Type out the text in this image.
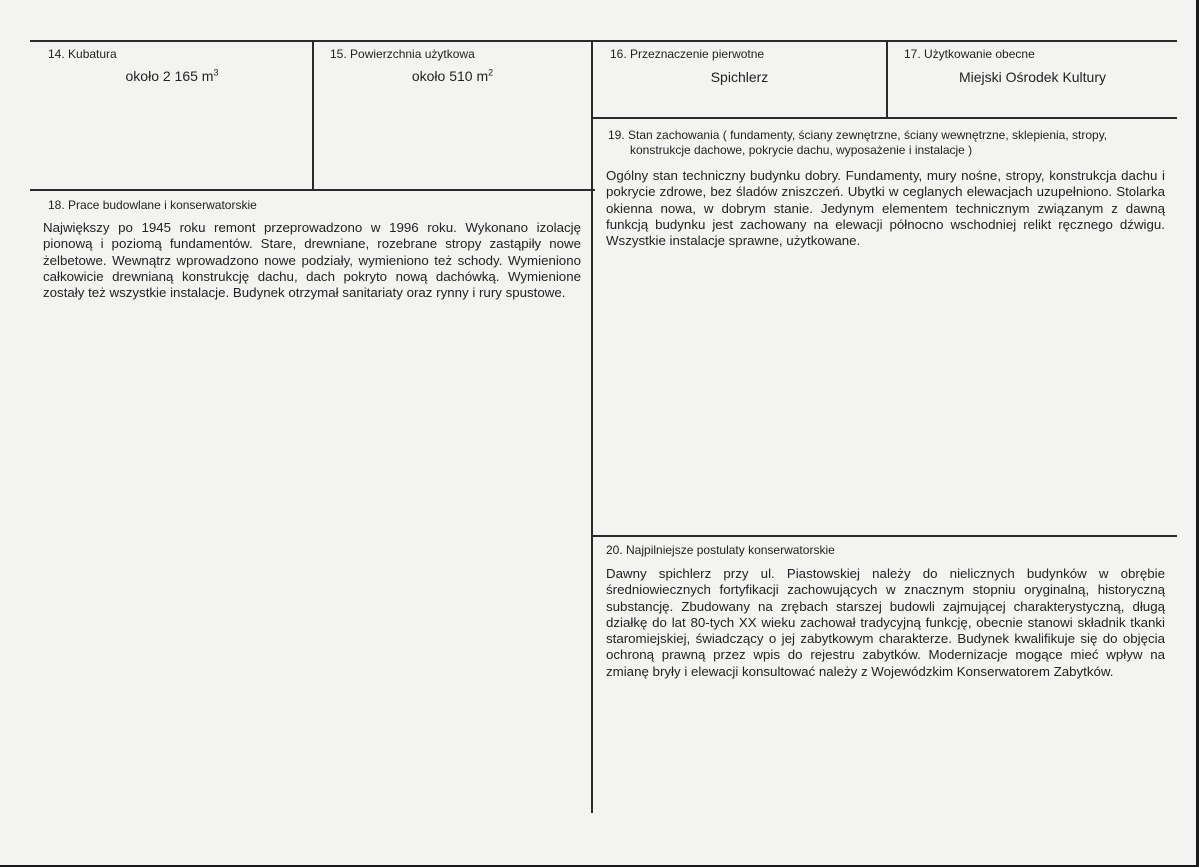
14. Kubatura
około 2 165 $m^3$
15. Powierzchnia użytkowa
około 510 $m^2$
16. Przeznaczenie pierwotne
Spichlerz
17. Użytkowanie obecne
Miejski Ośrodek Kultury
18. Prace budowlane i konserwatorskie
Największy po 1945 roku remont przeprowadzono w 1996 roku. Wykonano izolację pionową i poziomą fundamentów. Stare, drewniane, rozebrane stropy zastąpiły nowe żelbetowe. Wewnątrz wprowadzono nowe podziały, wymieniono też schody. Wymieniono całkowicie drewnianą konstrukcję dachu, dach pokryto nową dachówką. Wymienione zostały też wszystkie instalacje. Budynek otrzymał sanitariaty oraz rynny i rury spustowe.
19. Stan zachowania ( fundamenty, ściany zewnętrzne, ściany wewnętrzne, sklepienia, stropy,
konstrukcje dachowe, pokrycie dachu, wyposażenie i instalacje )
Ogólny stan techniczny budynku dobry. Fundamenty, mury nośne, stropy, konstrukcja dachu i pokrycie zdrowe, bez śladów zniszczeń. Ubytki w ceglanych elewacjach uzupełniono. Stolarka okienna nowa, w dobrym stanie. Jedynym elementem technicznym związanym z dawną funkcją budynku jest zachowany na elewacji północno wschodniej relikt ręcznego dźwigu. Wszystkie instalacje sprawne, użytkowane.
20. Najpilniejsze postulaty konserwatorskie
Dawny spichlerz przy ul. Piastowskiej należy do nielicznych budynków w obrębie średniowiecznych fortyfikacji zachowujących w znacznym stopniu oryginalną, historyczną substancję. Zbudowany na zrębach starszej budowli zajmującej charakterystyczną, długą działkę do lat 80-tych XX wieku zachował tradycyjną funkcję, obecnie stanowi składnik tkanki staromiejskiej, świadczący o jej zabytkowym charakterze. Budynek kwalifikuje się do objęcia ochroną prawną przez wpis do rejestru zabytków. Modernizacje mogące mieć wpływ na zmianę bryły i elewacji konsultować należy z Wojewódzkim Konserwatorem Zabytków.
